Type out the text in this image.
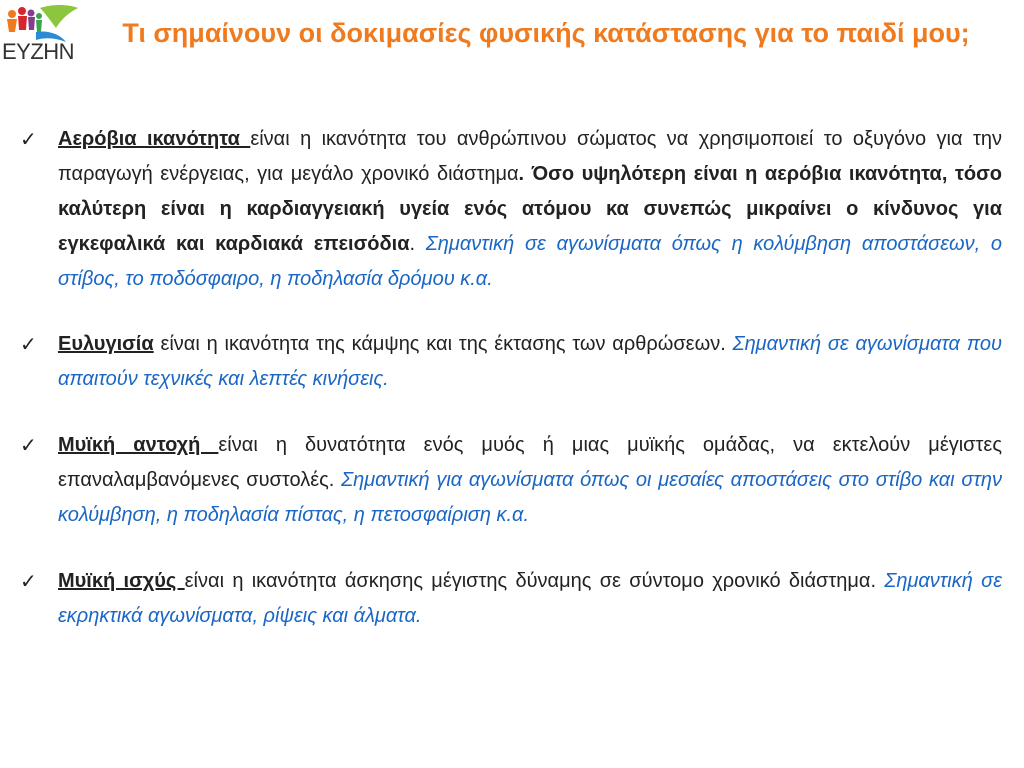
ΕΥΖΗΝ
Τι σημαίνουν οι δοκιμασίες φυσικής κατάστασης για το παιδί μου;
✓ Αερόβια ικανότητα είναι η ικανότητα του ανθρώπινου σώματος να χρησιμοποιεί το οξυγόνο για την παραγωγή ενέργειας, για μεγάλο χρονικό διάστημα. Όσο υψηλότερη είναι η αερόβια ικανότητα, τόσο καλύτερη είναι η καρδιαγγειακή υγεία ενός ατόμου κα συνεπώς μικραίνει ο κίνδυνος για εγκεφαλικά και καρδιακά επεισόδια. Σημαντική σε αγωνίσματα όπως η κολύμβηση αποστάσεων, ο στίβος, το ποδόσφαιρο, η ποδηλασία δρόμου κ.α.
✓ Ευλυγισία είναι η ικανότητα της κάμψης και της έκτασης των αρθρώσεων. Σημαντική σε αγωνίσματα που απαιτούν τεχνικές και λεπτές κινήσεις.
✓ Μυϊκή αντοχή είναι η δυνατότητα ενός μυός ή μιας μυϊκής ομάδας, να εκτελούν μέγιστες επαναλαμβανόμενες συστολές. Σημαντική για αγωνίσματα όπως οι μεσαίες αποστάσεις στο στίβο και στην κολύμβηση, η ποδηλασία πίστας, η πετοσφαίριση κ.α.
✓ Μυϊκή ισχύς είναι η ικανότητα άσκησης μέγιστης δύναμης σε σύντομο χρονικό διάστημα. Σημαντική σε εκρηκτικά αγωνίσματα, ρίψεις και άλματα.
